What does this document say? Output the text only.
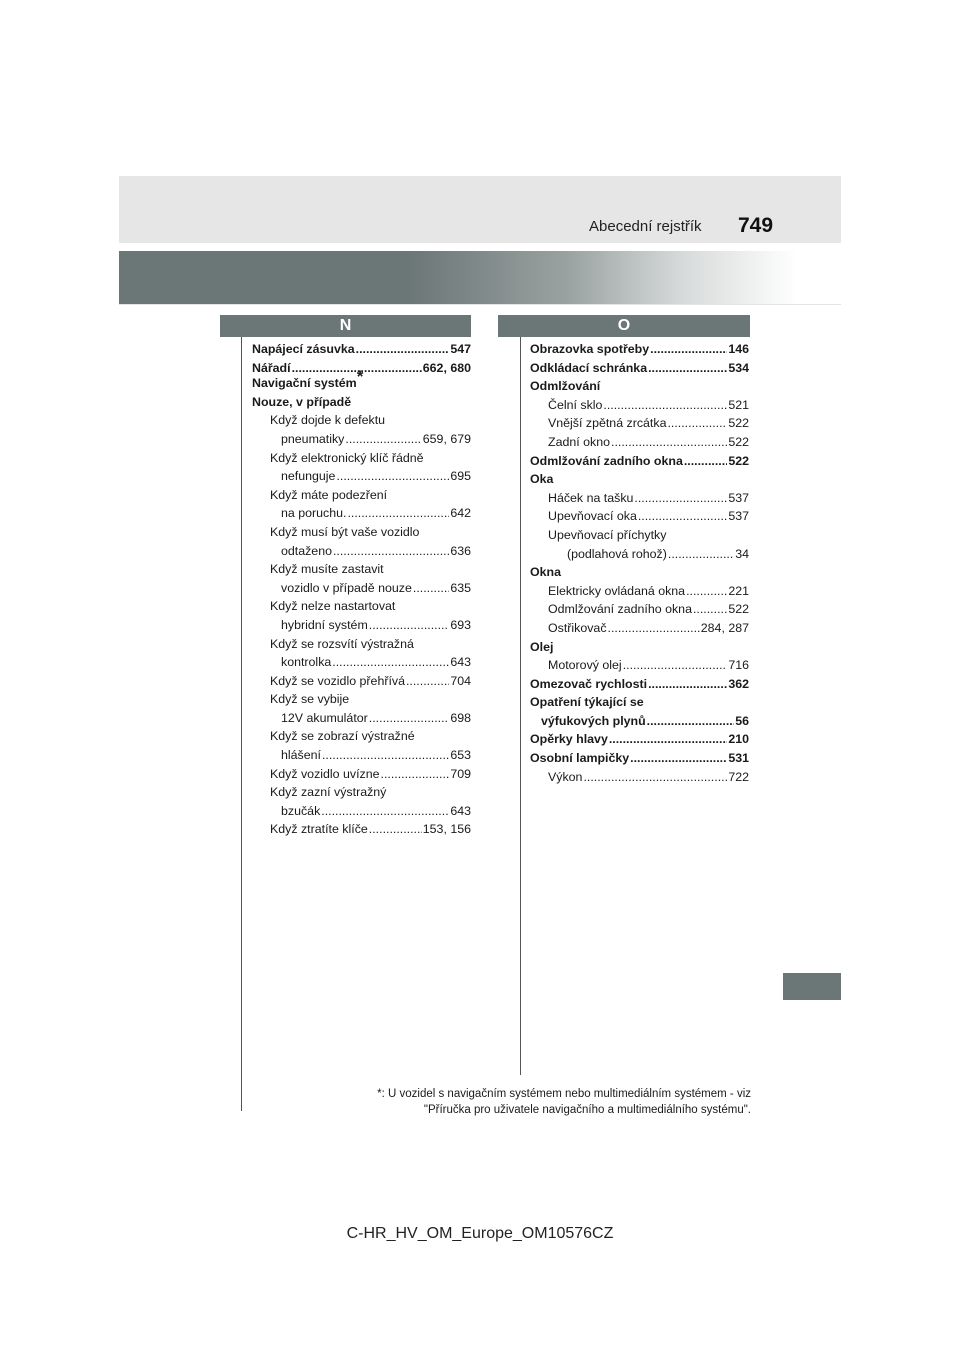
Abecední rejstřík 749
N	O
Napájecí zásuvka .....	547
Nářadí .....	662, 680
Navigační systém*
Nouze, v případě
Když dojde k defektu
pneumatiky .....	659, 679
Když elektronický klíč řádně
nefunguje .....	695
Když máte podezření
na poruchu. .....	642
Když musí být vaše vozidlo
odtaženo .....	636
Když musíte zastavit
vozidlo v případě nouze .....	635
Když nelze nastartovat
hybridní systém .....	693
Když se rozsvítí výstražná
kontrolka .....	643
Když se vozidlo přehřívá .....	704
Když se vybije
12V akumulátor .....	698
Když se zobrazí výstražné
hlášení .....	653
Když vozidlo uvízne .....	709
Když zazní výstražný
bzučák .....	643
Když ztratíte klíče .....	153, 156
Obrazovka spotřeby .....	146
Odkládací schránka .....	534
Odmlžování
Čelní sklo .....	521
Vnější zpětná zrcátka .....	522
Zadní okno .....	522
Odmlžování zadního okna .....	522
Oka
Háček na tašku .....	537
Upevňovací oka .....	537
Upevňovací příchytky
(podlahová rohož) .....	34
Okna
Elektricky ovládaná okna .....	221
Odmlžování zadního okna .....	522
Ostřikovač .....	284, 287
Olej
Motorový olej .....	716
Omezovač rychlosti .....	362
Opatření týkající se
výfukových plynů .....	56
Opěrky hlavy .....	210
Osobní lampičky .....	531
Výkon .....	722
*: U vozidel s navigačním systémem nebo multimediálním systémem - viz
"Příručka pro uživatele navigačního a multimediálního systému".
C-HR_HV_OM_Europe_OM10576CZ
